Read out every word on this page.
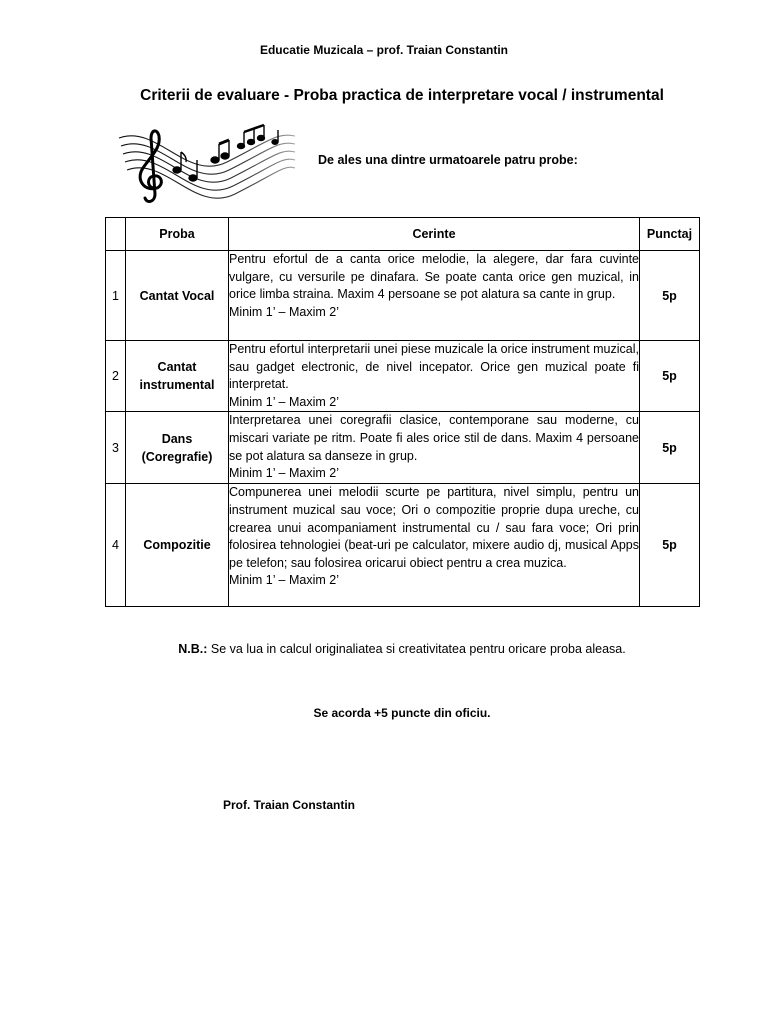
Educatie Muzicala – prof. Traian Constantin
Criterii de evaluare - Proba practica de interpretare vocal / instrumental
De ales una dintre urmatoarele patru probe:
	Proba	Cerinte	Punctaj
1	Cantat Vocal	Pentru efortul de a canta orice melodie, la alegere, dar fara cuvinte vulgare, cu versurile pe dinafara. Se poate canta orice gen muzical, in orice limba straina. Maxim 4 persoane se pot alatura sa cante in grup.
Minim 1’ – Maxim 2’	5p
2	Cantat instrumental	Pentru efortul interpretarii unei piese muzicale la orice instrument muzical, sau gadget electronic, de nivel incepator. Orice gen muzical poate fi interpretat.
Minim 1’ – Maxim 2’	5p
3	Dans (Coregrafie)	Interpretarea unei coregrafii clasice, contemporane sau moderne, cu miscari variate pe ritm. Poate fi ales orice stil de dans. Maxim 4 persoane se pot alatura sa danseze in grup.
Minim 1’ – Maxim 2’	5p
4	Compozitie	Compunerea unei melodii scurte pe partitura, nivel simplu, pentru un instrument muzical sau voce; Ori o compozitie proprie dupa ureche, cu crearea unui acompaniament instrumental cu / sau fara voce; Ori prin folosirea tehnologiei (beat-uri pe calculator, mixere audio dj, musical Apps pe telefon; sau folosirea oricarui obiect pentru a crea muzica.
Minim 1’ – Maxim 2’	5p
N.B.: Se va lua in calcul originaliatea si creativitatea pentru oricare proba aleasa.
Se acorda +5 puncte din oficiu.
Prof. Traian Constantin
